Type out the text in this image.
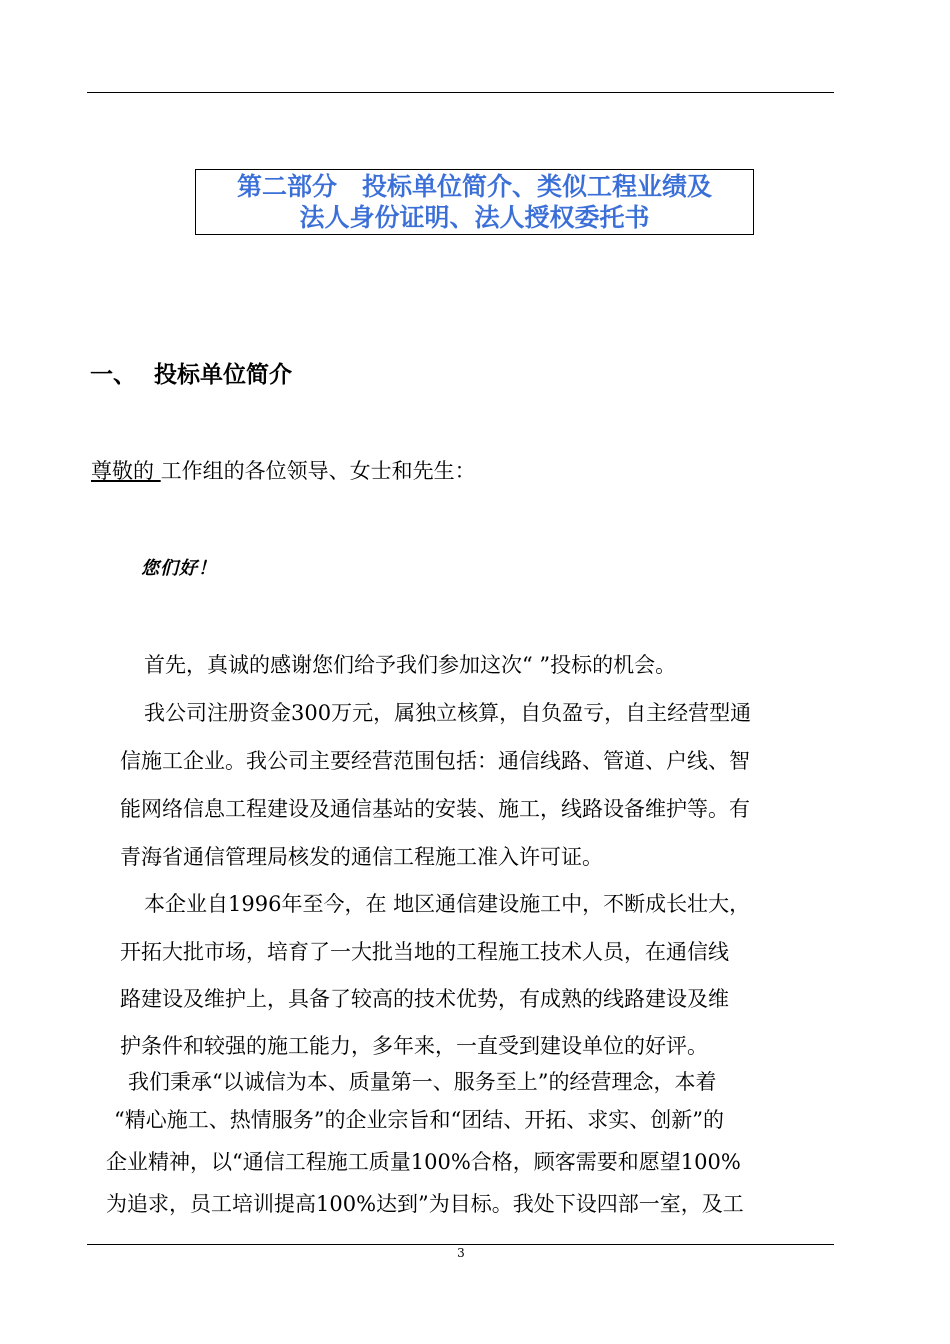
第二部分　投标单位简介、类似工程业绩及
法人身份证明、法人授权委托书
一、 投标单位简介
尊敬的 工作组的各位领导、女士和先生：
您们好！
首先，真诚的感谢您们给予我们参加这次“ ”投标的机会。
我公司注册资金300万元，属独立核算，自负盈亏，自主经营型通
信施工企业。我公司主要经营范围包括：通信线路、管道、户线、智
能网络信息工程建设及通信基站的安装、施工，线路设备维护等。有
青海省通信管理局核发的通信工程施工准入许可证。
本企业自1996年至今，在 地区通信建设施工中，不断成长壮大，
开拓大批市场，培育了一大批当地的工程施工技术人员，在通信线
路建设及维护上，具备了较高的技术优势，有成熟的线路建设及维
护条件和较强的施工能力，多年来，一直受到建设单位的好评。
我们秉承“以诚信为本、质量第一、服务至上”的经营理念，本着
“精心施工、热情服务”的企业宗旨和“团结、开拓、求实、创新”的
企业精神，以“通信工程施工质量100%合格，顾客需要和愿望100%
为追求，员工培训提高100%达到”为目标。我处下设四部一室，及工
3
